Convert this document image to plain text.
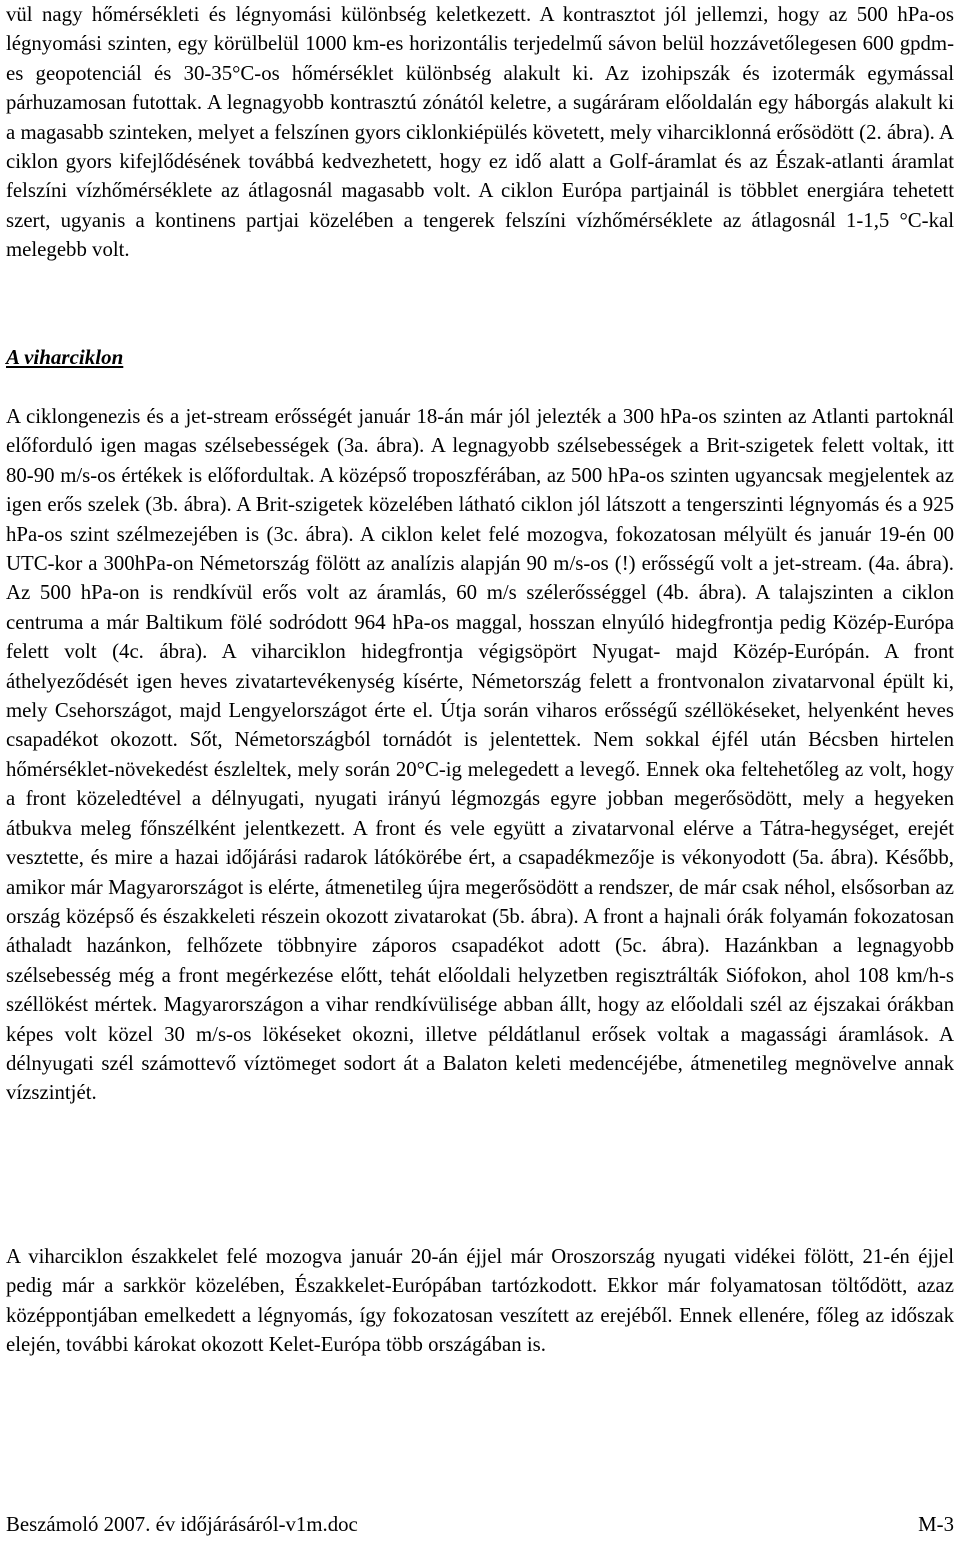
vül nagy hőmérsékleti és légnyomási különbség keletkezett. A kontrasztot jól jellemzi, hogy az 500 hPa-os légnyomási szinten, egy körülbelül 1000 km-es horizontális terjedelmű sávon belül hozzávetőlegesen 600 gpdm-es geopotenciál és 30-35°C-os hőmérséklet különbség alakult ki. Az izohipszák és izotermák egymással párhuzamosan futottak. A legnagyobb kontrasztú zónától keletre, a sugáráram előoldalán egy háborgás alakult ki a magasabb szinteken, melyet a felszínen gyors ciklonkiépülés követett, mely viharciklonná erősödött (2. ábra). A ciklon gyors kifejlődésének továbbá kedvezhetett, hogy ez idő alatt a Golf-áramlat és az Észak-atlanti áramlat felszíni vízhőmérséklete az átlagosnál magasabb volt. A ciklon Európa partjainál is többlet energiára tehetett szert, ugyanis a kontinens partjai közelében a tengerek felszíni vízhőmérséklete az átlagosnál 1-1,5 °C-kal melegebb volt.

A viharciklon

A ciklongenezis és a jet-stream erősségét január 18-án már jól jelezték a 300 hPa-os szinten az Atlanti partoknál előforduló igen magas szélsebességek (3a. ábra). A legnagyobb szélsebességek a Brit-szigetek felett voltak, itt 80-90 m/s-os értékek is előfordultak. A középső troposzférában, az 500 hPa-os szinten ugyancsak megjelentek az igen erős szelek (3b. ábra). A Brit-szigetek közelében látható ciklon jól látszott a tengerszinti légnyomás és a 925 hPa-os szint szélmezejében is (3c. ábra). A ciklon kelet felé mozogva, fokozatosan mélyült és január 19-én 00 UTC-kor a 300hPa-on Németország fölött az analízis alapján 90 m/s-os (!) erősségű volt a jet-stream. (4a. ábra). Az 500 hPa-on is rendkívül erős volt az áramlás, 60 m/s szélerősséggel (4b. ábra). A talajszinten a ciklon centruma a már Baltikum fölé sodródott 964 hPa-os maggal, hosszan elnyúló hidegfrontja pedig Közép-Európa felett volt (4c. ábra). A viharciklon hidegfrontja végigsöpört Nyugat- majd Közép-Európán. A front áthelyeződését igen heves zivatartevékenység kísérte, Németország felett a frontvonalon zivatarvonal épült ki, mely Csehországot, majd Lengyelországot érte el. Útja során viharos erősségű széllökéseket, helyenként heves csapadékot okozott. Sőt, Németországból tornádót is jelentettek. Nem sokkal éjfél után Bécsben hirtelen hőmérséklet-növekedést észleltek, mely során 20°C-ig melegedett a levegő. Ennek oka feltehetőleg az volt, hogy a front közeledtével a délnyugati, nyugati irányú légmozgás egyre jobban megerősödött, mely a hegyeken átbukva meleg főnszélként jelentkezett. A front és vele együtt a zivatarvonal elérve a Tátra-hegységet, erejét vesztette, és mire a hazai időjárási radarok látókörébe ért, a csapadékmezője is vékonyodott (5a. ábra). Később, amikor már Magyarországot is elérte, átmenetileg újra megerősödött a rendszer, de már csak néhol, elsősorban az ország középső és északkeleti részein okozott zivatarokat (5b. ábra). A front a hajnali órák folyamán fokozatosan áthaladt hazánkon, felhőzete többnyire záporos csapadékot adott (5c. ábra). Hazánkban a legnagyobb szélsebesség még a front megérkezése előtt, tehát előoldali helyzetben regisztrálták Siófokon, ahol 108 km/h-s széllökést mértek. Magyarországon a vihar rendkívülisége abban állt, hogy az előoldali szél az éjszakai órákban képes volt közel 30 m/s-os lökéseket okozni, illetve példátlanul erősek voltak a magassági áramlások. A délnyugati szél számottevő víztömeget sodort át a Balaton keleti medencéjébe, átmenetileg megnövelve annak vízszintjét.

A viharciklon északkelet felé mozogva január 20-án éjjel már Oroszország nyugati vidékei fölött, 21-én éjjel pedig már a sarkkör közelében, Északkelet-Európában tartózkodott. Ekkor már folyamatosan töltődött, azaz középpontjában emelkedett a légnyomás, így fokozatosan veszített az erejéből. Ennek ellenére, főleg az időszak elején, további károkat okozott Kelet-Európa több országában is.

Beszámoló 2007. év időjárásáról-v1m.doc	M-3
